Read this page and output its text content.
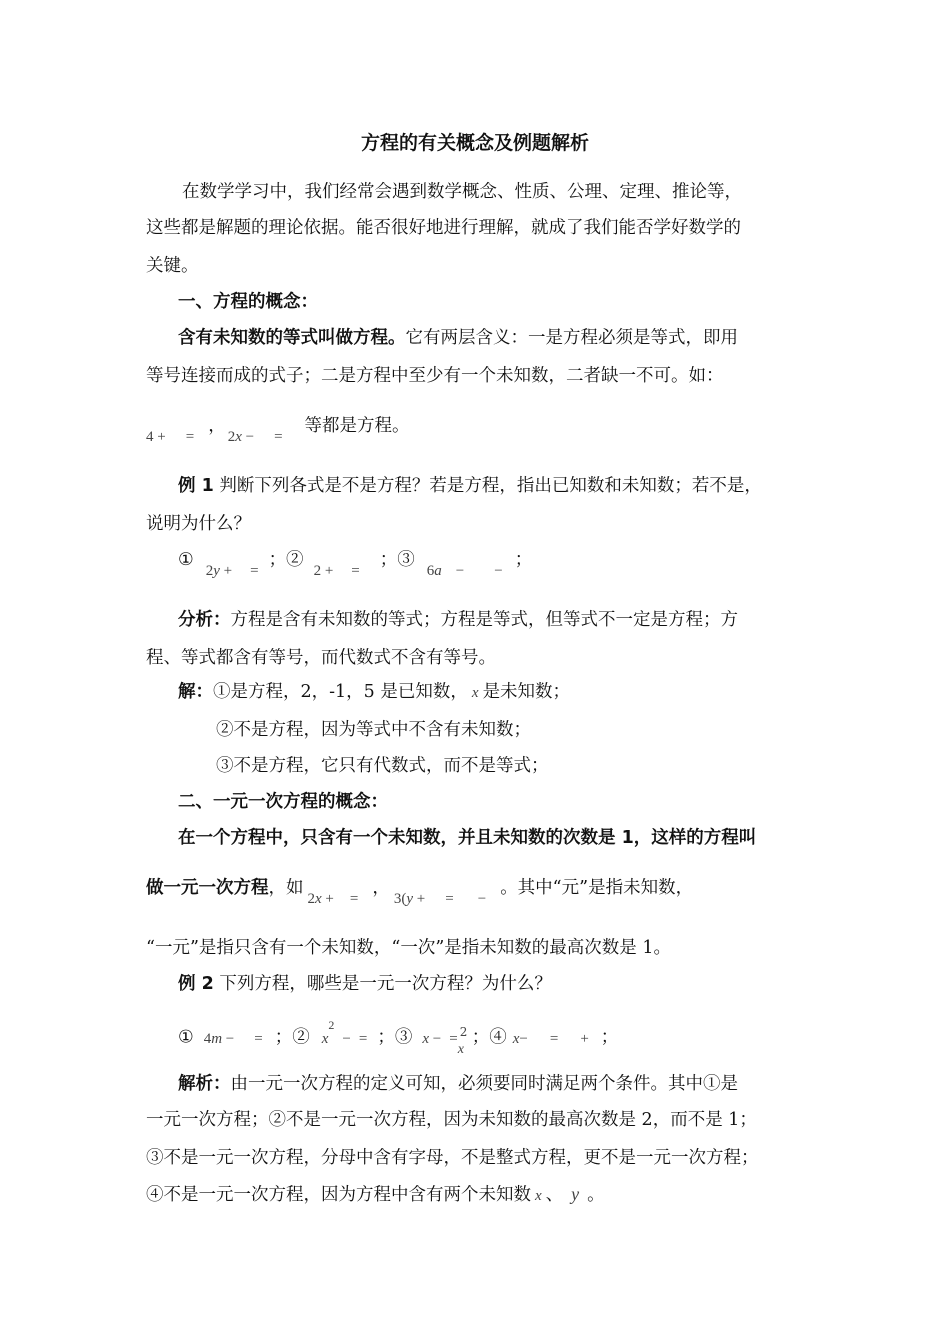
方程的有关概念及例题解析
在数学学习中，我们经常会遇到数学概念、性质、公理、定理、推论等，
这些都是解题的理论依据。能否很好地进行理解，就成了我们能否学好数学的
关键。
一、方程的概念：
含有未知数的等式叫做方程。它有两层含义：一是方程必须是等式，即用
等号连接而成的式子；二是方程中至少有一个未知数，二者缺一不可。如：
4 + =，2x − =等都是方程。
例 1 判断下列各式是不是方程？若是方程，指出已知数和未知数；若不是，
说明为什么？
①2y + =；②2 + =；③6a − −；
分析：方程是含有未知数的等式；方程是等式，但等式不一定是方程；方
程、等式都含有等号，而代数式不含有等号。
解：①是方程，2，-1，5 是已知数， x 是未知数；
②不是方程，因为等式中不含有未知数；
③不是方程，它只有代数式，而不是等式；
二、一元一次方程的概念：
在一个方程中，只含有一个未知数，并且未知数的次数是 1，这样的方程叫
做一元一次方程，如2x + =，3(y + = −。其中“元”是指未知数，
“一元”是指只含有一个未知数，“一次”是指未知数的最高次数是 1。
例 2 下列方程，哪些是一元一次方程？为什么？
① 4m − = ；② $x^2-$ = ；③ x − = 2
x
；④ x− = + ；
解析：由一元一次方程的定义可知，必须要同时满足两个条件。其中①是
一元一次方程；②不是一元一次方程，因为未知数的最高次数是 2，而不是 1；
③不是一元一次方程，分母中含有字母，不是整式方程，更不是一元一次方程；
④不是一元一次方程，因为方程中含有两个未知数 x 、 y 。
